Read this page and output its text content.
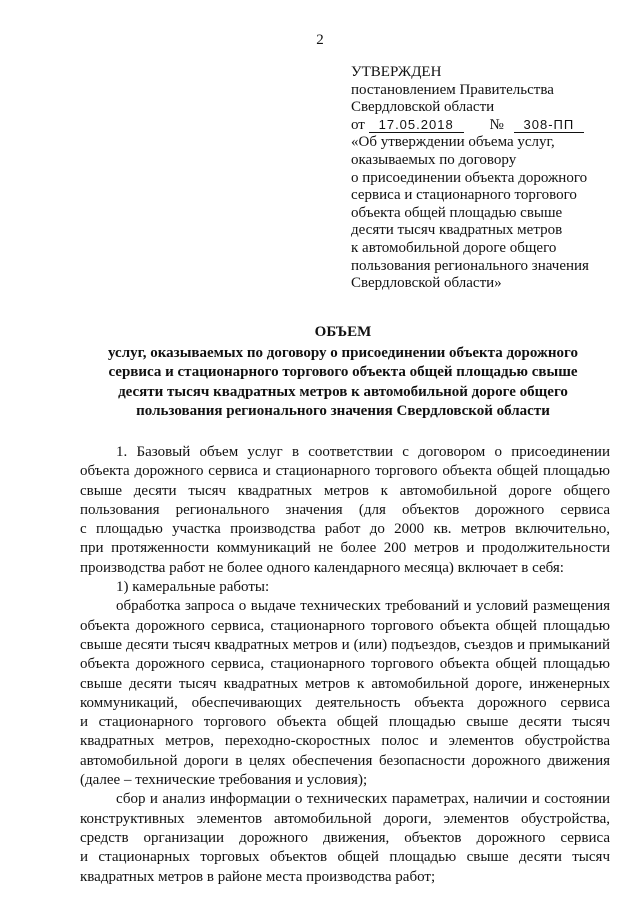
2
УТВЕРЖДЕН
постановлением Правительства
Свердловской области
от 17.05.2018 № 308-ПП
«Об утверждении объема услуг,
оказываемых по договору
о присоединении объекта дорожного
сервиса и стационарного торгового
объекта общей площадью свыше
десяти тысяч квадратных метров
к автомобильной дороге общего
пользования регионального значения
Свердловской области»
ОБЪЕМ
услуг, оказываемых по договору о присоединении объекта дорожного
сервиса и стационарного торгового объекта общей площадью свыше
десяти тысяч квадратных метров к автомобильной дороге общего
пользования регионального значения Свердловской области

1. Базовый объем услуг в соответствии с договором о присоединении
объекта дорожного сервиса и стационарного торгового объекта общей площадью
свыше десяти тысяч квадратных метров к автомобильной дороге общего
пользования регионального значения (для объектов дорожного сервиса
с площадью участка производства работ до 2000 кв. метров включительно,
при протяженности коммуникаций не более 200 метров и продолжительности
производства работ не более одного календарного месяца) включает в себя:

1) камеральные работы:

обработка запроса о выдаче технических требований и условий размещения
объекта дорожного сервиса, стационарного торгового объекта общей площадью
свыше десяти тысяч квадратных метров и (или) подъездов, съездов и примыканий
объекта дорожного сервиса, стационарного торгового объекта общей площадью
свыше десяти тысяч квадратных метров к автомобильной дороге, инженерных
коммуникаций, обеспечивающих деятельность объекта дорожного сервиса
и стационарного торгового объекта общей площадью свыше десяти тысяч
квадратных метров, переходно-скоростных полос и элементов обустройства
автомобильной дороги в целях обеспечения безопасности дорожного движения
(далее – технические требования и условия);

сбор и анализ информации о технических параметрах, наличии и состоянии
конструктивных элементов автомобильной дороги, элементов обустройства,
средств организации дорожного движения, объектов дорожного сервиса
и стационарных торговых объектов общей площадью свыше десяти тысяч
квадратных метров в районе места производства работ;
